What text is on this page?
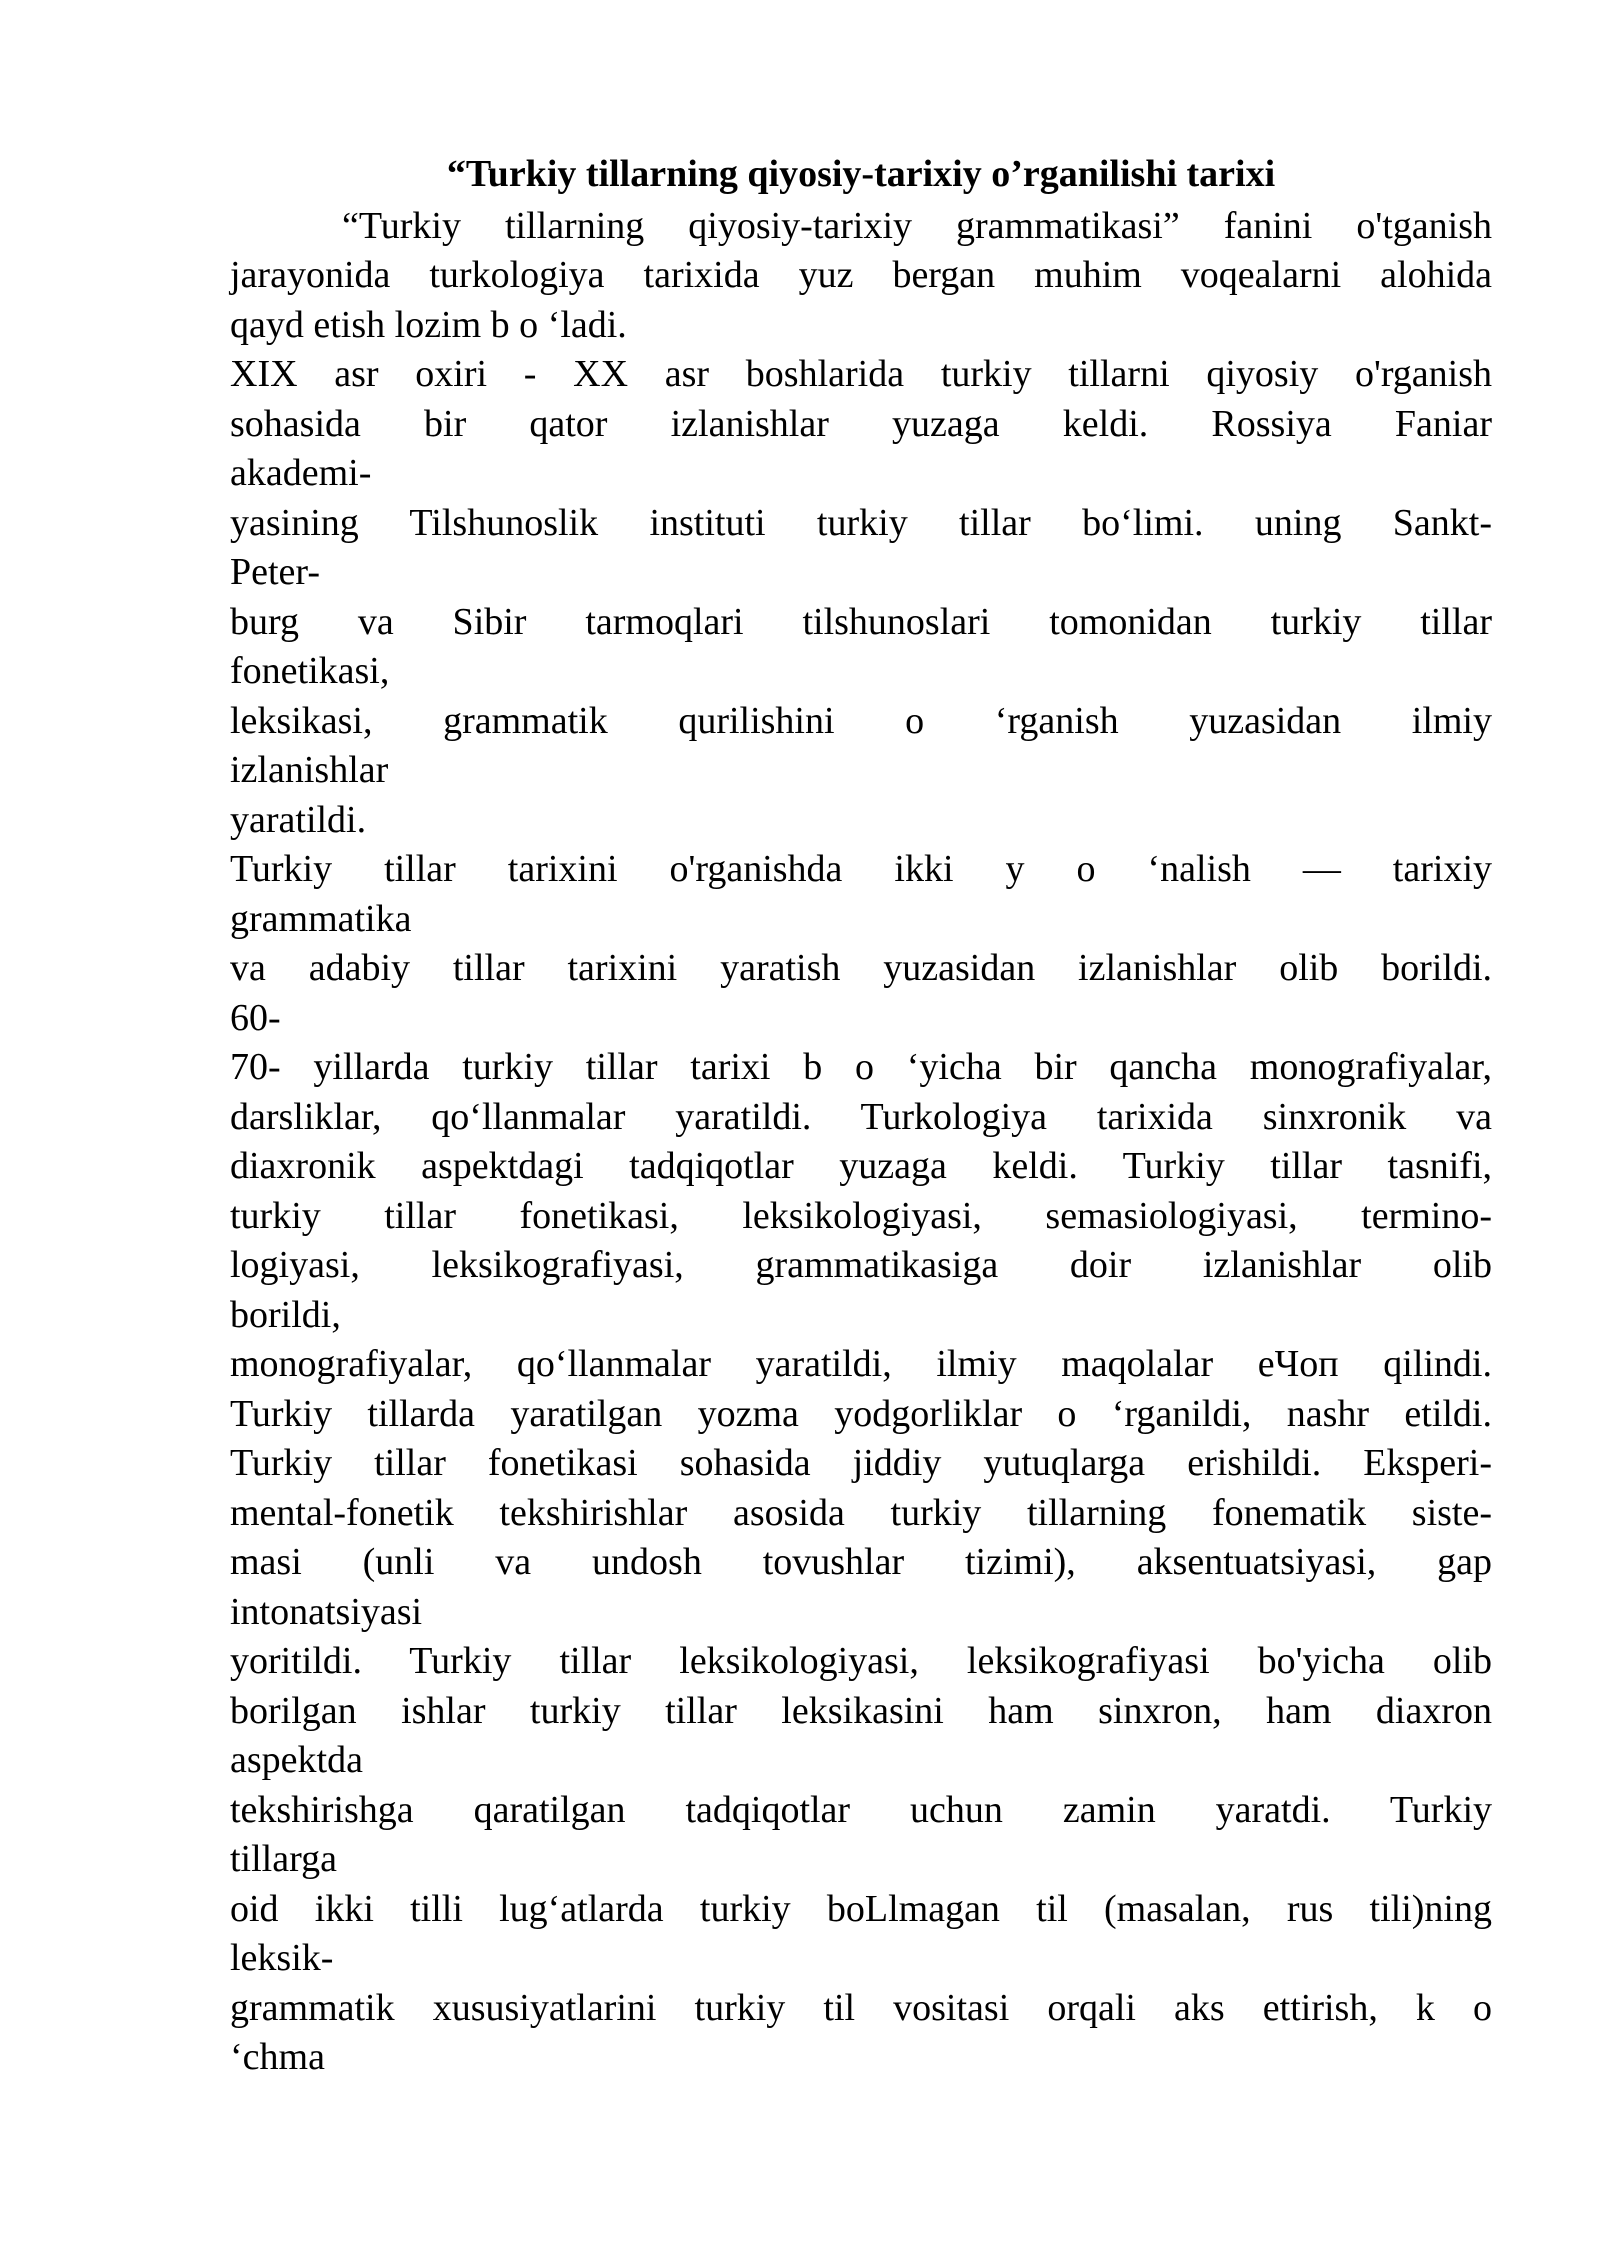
“Turkiy tillarning qiyosiy-tarixiy o’rganilishi tarixi
“Turkiy tillarning qiyosiy-tarixiy grammatikasi” fanini o'tganish
jarayonida turkologiya tarixida yuz bergan muhim voqealarni alohida
qayd etish lozim b o ‘ladi.
XIX asr oxiri - XX asr boshlarida turkiy tillarni qiyosiy o'rganish
sohasida bir qator izlanishlar yuzaga keldi. Rossiya Faniar
akademi-
yasining Tilshunoslik instituti turkiy tillar bo‘limi. uning Sankt-
Peter-
burg va Sibir tarmoqlari tilshunoslari tomonidan turkiy tillar
fonetikasi,
leksikasi, grammatik qurilishini o ‘rganish yuzasidan ilmiy
izlanishlar
yaratildi.
Turkiy tillar tarixini o'rganishda ikki y o ‘nalish — tarixiy
grammatika
va adabiy tillar tarixini yaratish yuzasidan izlanishlar olib borildi.
60-
70- yillarda turkiy tillar tarixi b o ‘yicha bir qancha monografiyalar,
darsliklar, qo‘llanmalar yaratildi. Turkologiya tarixida sinxronik va
diaxronik aspektdagi tadqiqotlar yuzaga keldi. Turkiy tillar tasnifi,
turkiy tillar fonetikasi, leksikologiyasi, semasiologiyasi, termino-
logiyasi, leksikografiyasi, grammatikasiga doir izlanishlar olib
borildi,
monografiyalar, qo‘llanmalar yaratildi, ilmiy maqolalar eЧоп qilindi.
Turkiy tillarda yaratilgan yozma yodgorliklar o ‘rganildi, nashr etildi.
Turkiy tillar fonetikasi sohasida jiddiy yutuqlarga erishildi. Eksperi-
mental-fonetik tekshirishlar asosida turkiy tillarning fonematik siste-
masi (unli va undosh tovushlar tizimi), aksentuatsiyasi, gap
intonatsiyasi
yoritildi. Turkiy tillar leksikologiyasi, leksikografiyasi bo'yicha olib
borilgan ishlar turkiy tillar leksikasini ham sinxron, ham diaxron
aspektda
tekshirishga qaratilgan tadqiqotlar uchun zamin yaratdi. Turkiy
tillarga
oid ikki tilli lug‘atlarda turkiy boLlmagan til (masalan, rus tili)ning
leksik-
grammatik xususiyatlarini turkiy til vositasi orqali aks ettirish, k o
‘chma
